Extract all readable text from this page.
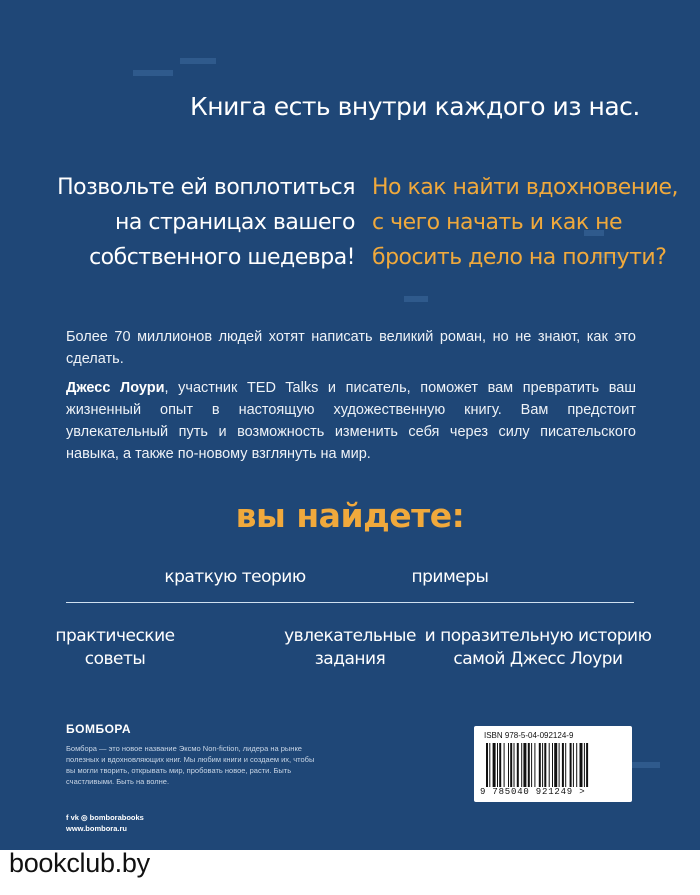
Книга есть внутри каждого из нас.
Позвольте ей воплотиться
на страницах вашего
собственного шедевра!
Но как найти вдохновение,
с чего начать и как не
бросить дело на полпути?

Более 70 миллионов людей хотят написать великий роман, но не знают, как это сделать.

Джесс Лоури, участник TED Talks и писатель, поможет вам превратить ваш жизненный опыт в настоящую художественную книгу. Вам предстоит увлекательный путь и возможность изменить себя через силу писательского навыка, а также по-новому взглянуть на мир.

вы найдете:
краткую теорию	примеры
практические
советы
увлекательные
задания
и поразительную историю
самой Джесс Лоури
БОМБОРА

Бомбора — это новое название Эксмо Non-fiction, лидера на рынке полезных и вдохновляющих книг. Мы любим книги и создаем их, чтобы вы могли творить, открывать мир, пробовать новое, расти. Быть счастливыми. Быть на волне.

f vk ◎ bomborabooks
www.bombora.ru
ISBN 978-5-04-092124-9
9 785040 921249 >
bookclub.by
